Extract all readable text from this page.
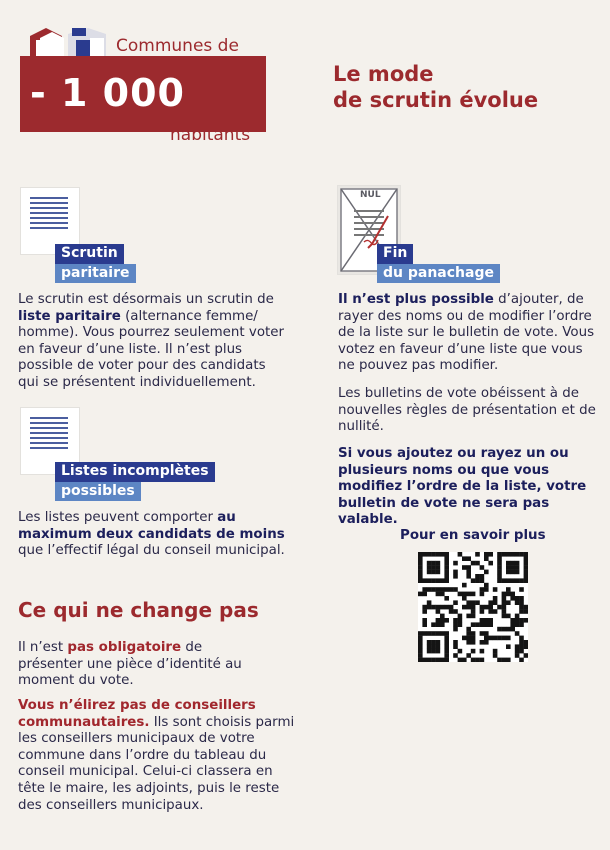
Communes de
- 1 000
habitants
Le mode
de scrutin évolue
Scrutin
paritaire
Le scrutin est désormais un scrutin de liste paritaire (alternance femme/ homme). Vous pourrez seulement voter en faveur d’une liste. Il n’est plus possible de voter pour des candidats qui se présentent individuellement.
Listes incomplètes
possibles
Les listes peuvent comporter au maximum deux candidats de moins que l’effectif légal du conseil municipal.
NUL
Fin
du panachage
Il n’est plus possible d’ajouter, de rayer des noms ou de modifier l’ordre de la liste sur le bulletin de vote. Vous votez en faveur d’une liste que vous ne pouvez pas modifier.
Les bulletins de vote obéissent à de nouvelles règles de présentation et de nullité.
Si vous ajoutez ou rayez un ou plusieurs noms ou que vous modifiez l’ordre de la liste, votre bulletin de vote ne sera pas valable.
Ce qui ne change pas
Il n’est pas obligatoire de présenter une pièce d’identité au moment du vote.
Vous n’élirez pas de conseillers communautaires. Ils sont choisis parmi les conseillers municipaux de votre commune dans l’ordre du tableau du conseil municipal. Celui-ci classera en tête le maire, les adjoints, puis le reste des conseillers municipaux.
Pour en savoir plus
